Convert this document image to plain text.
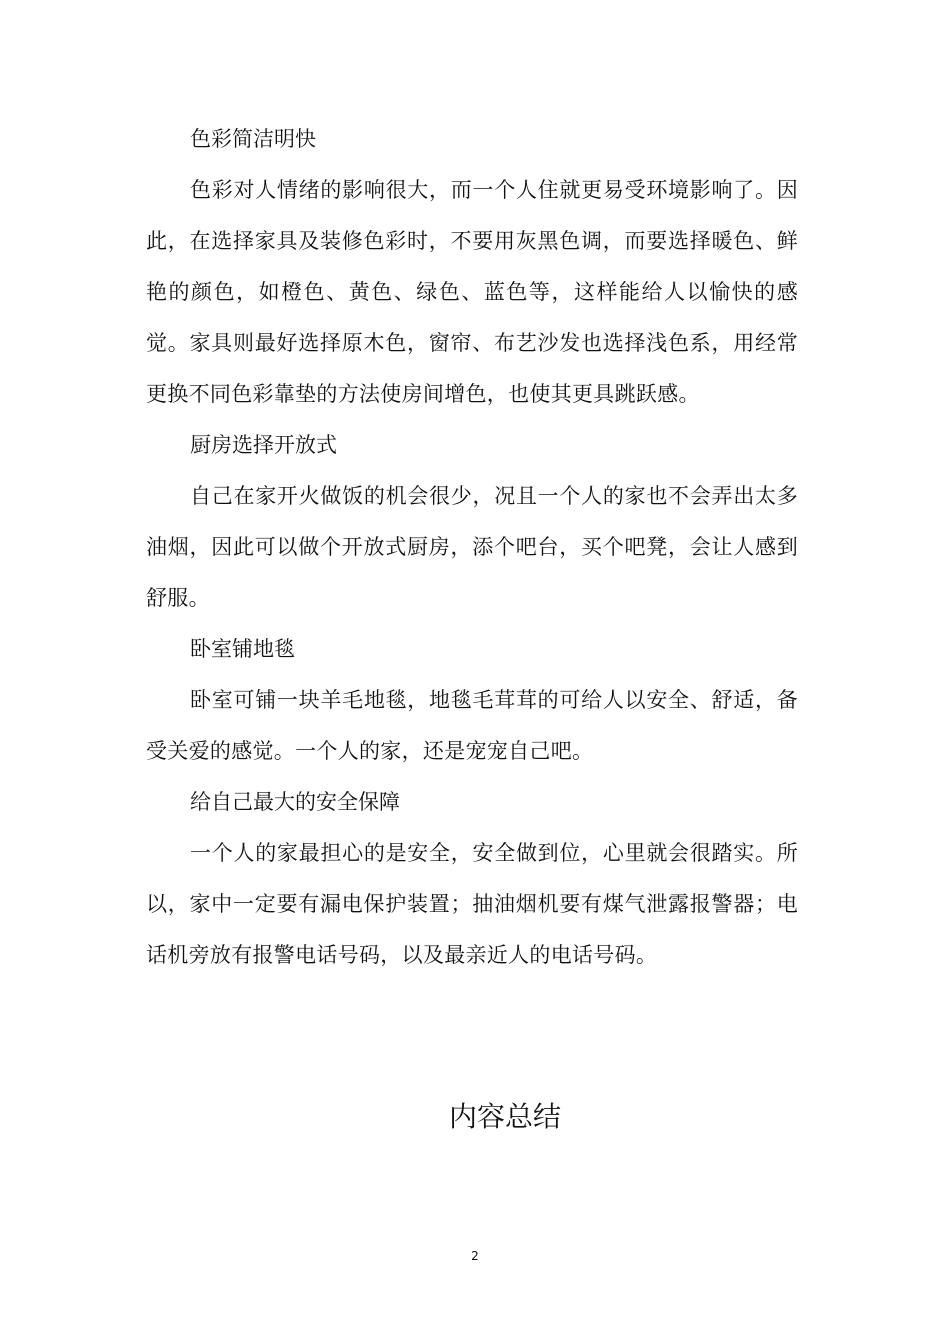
色彩简洁明快

色彩对人情绪的影响很大，而一个人住就更易受环境影响了。因此，在选择家具及装修色彩时，不要用灰黑色调，而要选择暖色、鲜艳的颜色，如橙色、黄色、绿色、蓝色等，这样能给人以愉快的感觉。家具则最好选择原木色，窗帘、布艺沙发也选择浅色系，用经常更换不同色彩靠垫的方法使房间增色，也使其更具跳跃感。

厨房选择开放式

自己在家开火做饭的机会很少，况且一个人的家也不会弄出太多油烟，因此可以做个开放式厨房，添个吧台，买个吧凳，会让人感到舒服。

卧室铺地毯

卧室可铺一块羊毛地毯，地毯毛茸茸的可给人以安全、舒适，备受关爱的感觉。一个人的家，还是宠宠自己吧。

给自己最大的安全保障

一个人的家最担心的是安全，安全做到位，心里就会很踏实。所以，家中一定要有漏电保护装置；抽油烟机要有煤气泄露报警器；电话机旁放有报警电话号码，以及最亲近人的电话号码。

内容总结
2
